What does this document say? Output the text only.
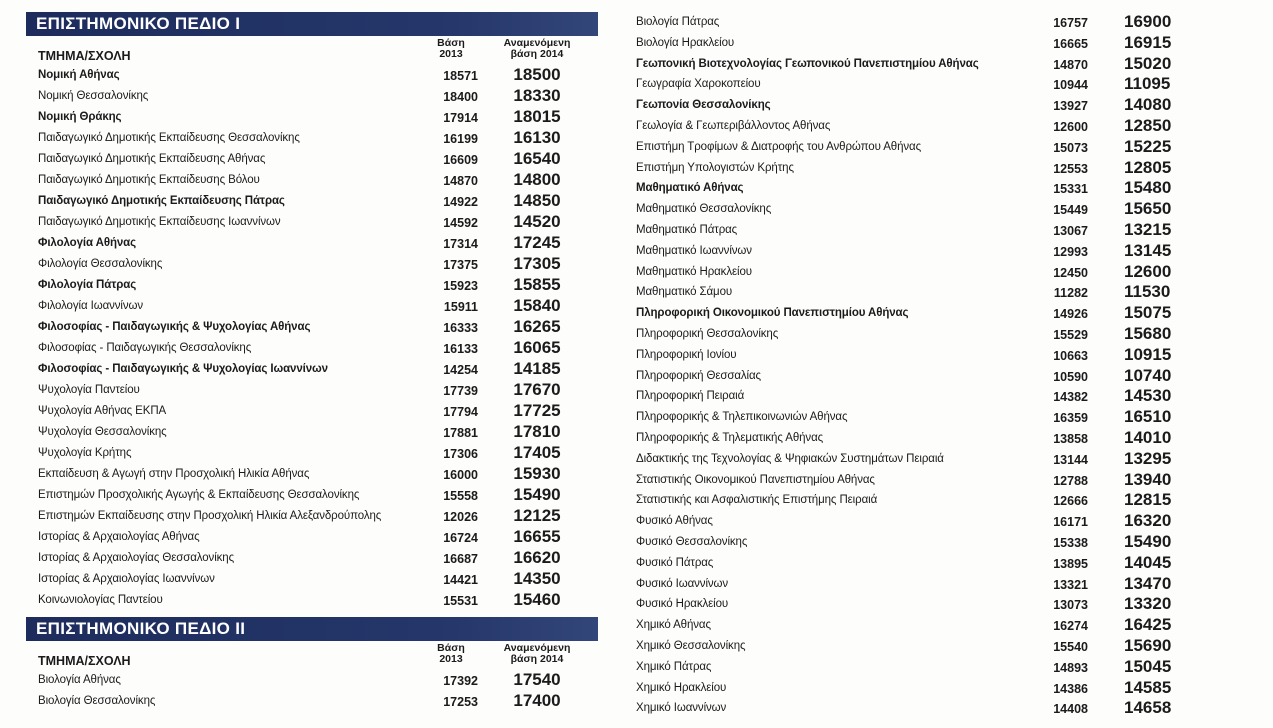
ΕΠΙΣΤΗΜΟΝΙΚΟ ΠΕΔΙΟ Ι
ΤΜΗΜΑ/ΣΧΟΛΗ
Βάση
2013
Αναμενόμενη
βάση 2014
Νομική Αθήνας	18571	18500
Νομική Θεσσαλονίκης	18400	18330
Νομική Θράκης	17914	18015
Παιδαγωγικό Δημοτικής Εκπαίδευσης Θεσσαλονίκης	16199	16130
Παιδαγωγικό Δημοτικής Εκπαίδευσης Αθήνας	16609	16540
Παιδαγωγικό Δημοτικής Εκπαίδευσης Βόλου	14870	14800
Παιδαγωγικό Δημοτικής Εκπαίδευσης Πάτρας	14922	14850
Παιδαγωγικό Δημοτικής Εκπαίδευσης Ιωαννίνων	14592	14520
Φιλολογία Αθήνας	17314	17245
Φιλολογία Θεσσαλονίκης	17375	17305
Φιλολογία Πάτρας	15923	15855
Φιλολογία Ιωαννίνων	15911	15840
Φιλοσοφίας - Παιδαγωγικής & Ψυχολογίας Αθήνας	16333	16265
Φιλοσοφίας - Παιδαγωγικής Θεσσαλονίκης	16133	16065
Φιλοσοφίας - Παιδαγωγικής & Ψυχολογίας Ιωαννίνων	14254	14185
Ψυχολογία Παντείου	17739	17670
Ψυχολογία Αθήνας ΕΚΠΑ	17794	17725
Ψυχολογία Θεσσαλονίκης	17881	17810
Ψυχολογία Κρήτης	17306	17405
Εκπαίδευση & Αγωγή στην Προσχολική Ηλικία Αθήνας	16000	15930
Επιστημών Προσχολικής Αγωγής & Εκπαίδευσης Θεσσαλονίκης	15558	15490
Επιστημών Εκπαίδευσης στην Προσχολική Ηλικία Αλεξανδρούπολης	12026	12125
Ιστορίας & Αρχαιολογίας Αθήνας	16724	16655
Ιστορίας & Αρχαιολογίας Θεσσαλονίκης	16687	16620
Ιστορίας & Αρχαιολογίας Ιωαννίνων	14421	14350
Κοινωνιολογίας Παντείου	15531	15460
ΕΠΙΣΤΗΜΟΝΙΚΟ ΠΕΔΙΟ ΙΙ
ΤΜΗΜΑ/ΣΧΟΛΗ
Βάση
2013
Αναμενόμενη
βάση 2014
Βιολογία Αθήνας	17392	17540
Βιολογία Θεσσαλονίκης	17253	17400
Βιολογία Πάτρας	16757 16900
Βιολογία Ηρακλείου	16665 16915
Γεωπονική Βιοτεχνολογίας Γεωπονικού Πανεπιστημίου Αθήνας	14870 15020
Γεωγραφία Χαροκοπείου	10944 11095
Γεωπονία Θεσσαλονίκης	13927 14080
Γεωλογία & Γεωπεριβάλλοντος Αθήνας	12600 12850
Επιστήμη Τροφίμων & Διατροφής του Ανθρώπου Αθήνας	15073 15225
Επιστήμη Υπολογιστών Κρήτης	12553 12805
Μαθηματικό Αθήνας	15331 15480
Μαθηματικό Θεσσαλονίκης	15449 15650
Μαθηματικό Πάτρας	13067 13215
Μαθηματικό Ιωαννίνων	12993 13145
Μαθηματικό Ηρακλείου	12450 12600
Μαθηματικό Σάμου	11282 11530
Πληροφορική Οικονομικού Πανεπιστημίου Αθήνας	14926 15075
Πληροφορική Θεσσαλονίκης	15529 15680
Πληροφορική Ιονίου	10663 10915
Πληροφορική Θεσσαλίας	10590 10740
Πληροφορική Πειραιά	14382 14530
Πληροφορικής & Τηλεπικοινωνιών Αθήνας	16359 16510
Πληροφορικής & Τηλεματικής Αθήνας	13858 14010
Διδακτικής της Τεχνολογίας & Ψηφιακών Συστημάτων Πειραιά	13144 13295
Στατιστικής Οικονομικού Πανεπιστημίου Αθήνας	12788 13940
Στατιστικής και Ασφαλιστικής Επιστήμης Πειραιά	12666 12815
Φυσικό Αθήνας	16171 16320
Φυσικό Θεσσαλονίκης	15338 15490
Φυσικό Πάτρας	13895 14045
Φυσικό Ιωαννίνων	13321 13470
Φυσικό Ηρακλείου	13073 13320
Χημικό Αθήνας	16274 16425
Χημικό Θεσσαλονίκης	15540 15690
Χημικό Πάτρας	14893 15045
Χημικό Ηρακλείου	14386 14585
Χημικό Ιωαννίνων	14408 14658
